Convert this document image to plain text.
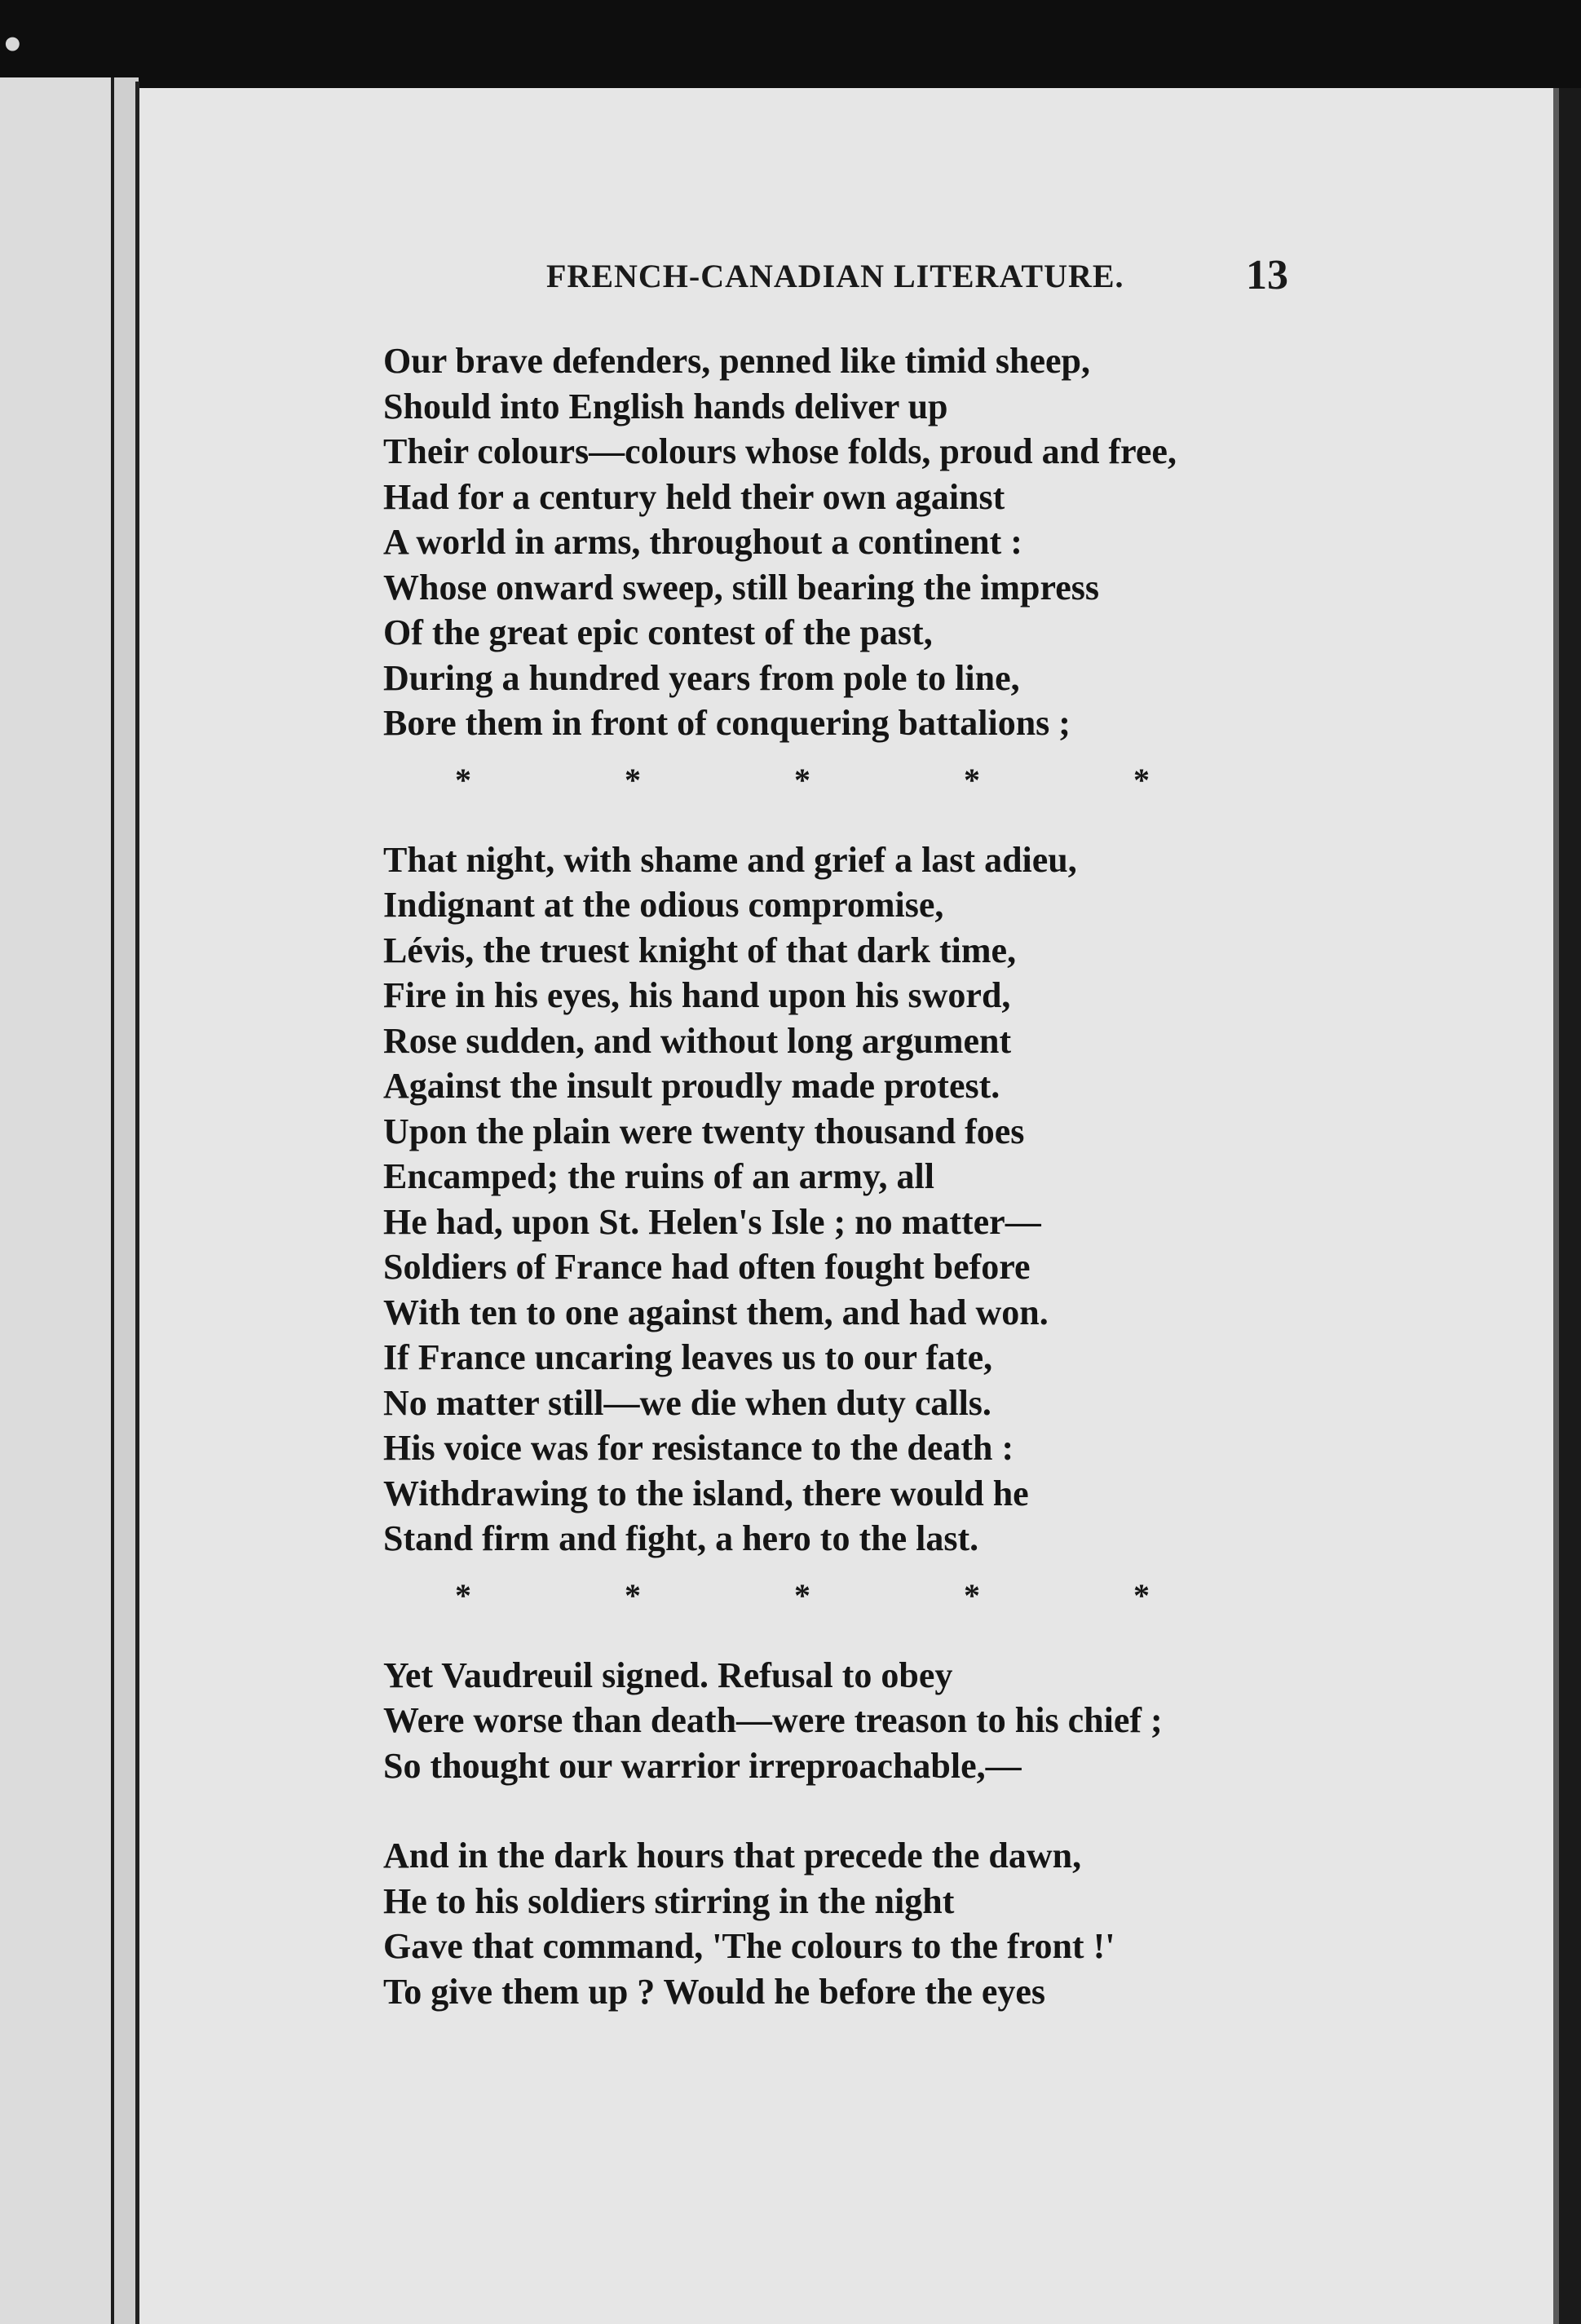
•
FRENCH-CANADIAN LITERATURE.	13
Our brave defenders, penned like timid sheep,
Should into English hands deliver up
Their colours—colours whose folds, proud and free,
Had for a century held their own against
A world in arms, throughout a continent :
Whose onward sweep, still bearing the impress
Of the great epic contest of the past,
During a hundred years from pole to line,
Bore them in front of conquering battalions ;
*	*	*	*	*
That night, with shame and grief a last adieu,
Indignant at the odious compromise,
Lévis, the truest knight of that dark time,
Fire in his eyes, his hand upon his sword,
Rose sudden, and without long argument
Against the insult proudly made protest.
Upon the plain were twenty thousand foes
Encamped; the ruins of an army, all
He had, upon St. Helen's Isle ; no matter—
Soldiers of France had often fought before
With ten to one against them, and had won.
If France uncaring leaves us to our fate,
No matter still—we die when duty calls.
His voice was for resistance to the death :
Withdrawing to the island, there would he
Stand firm and fight, a hero to the last.
*	*	*	*	*
Yet Vaudreuil signed. Refusal to obey
Were worse than death—were treason to his chief ;
So thought our warrior irreproachable,—
And in the dark hours that precede the dawn,
He to his soldiers stirring in the night
Gave that command, 'The colours to the front !'
To give them up ? Would he before the eyes
